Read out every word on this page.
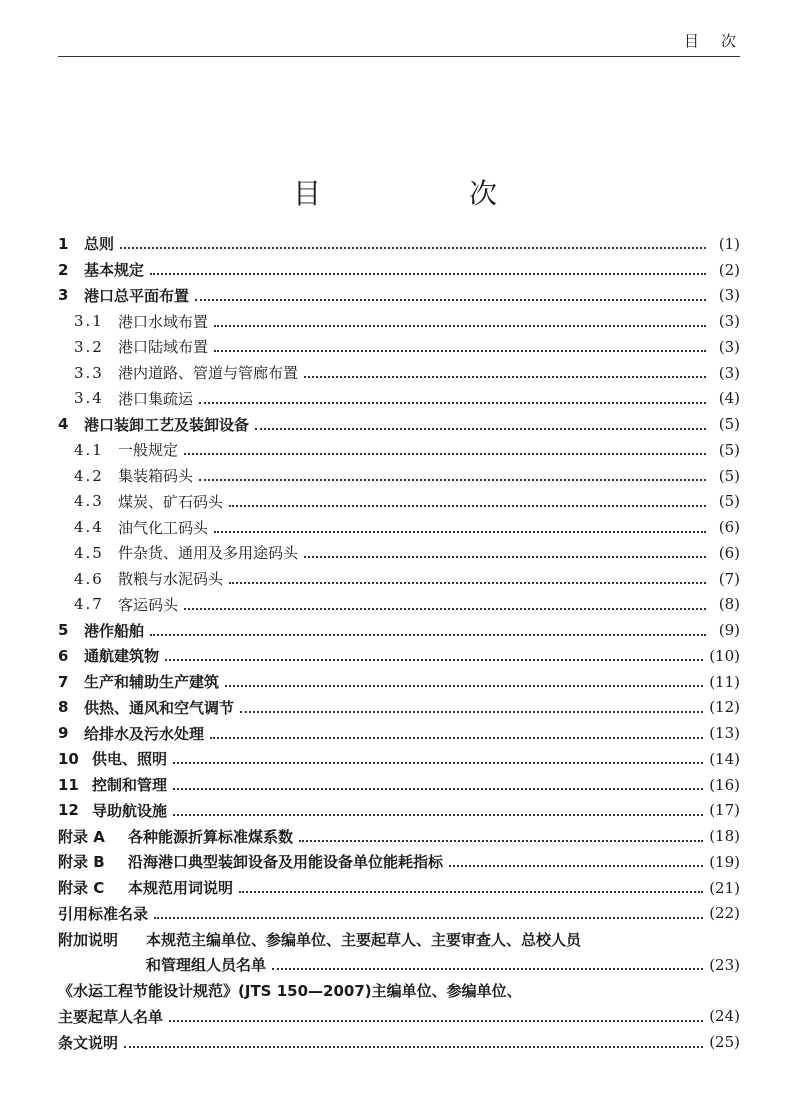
目次
目　次
1	总则	(1)
2	基本规定	(2)
3	港口总平面布置	(3)
3.1 港口水域布置	(3)
3.2 港口陆域布置	(3)
3.3 港内道路、管道与管廊布置	(3)
3.4 港口集疏运	(4)
4	港口装卸工艺及装卸设备	(5)
4.1 一般规定	(5)
4.2 集装箱码头	(5)
4.3 煤炭、矿石码头	(5)
4.4 油气化工码头	(6)
4.5 件杂货、通用及多用途码头	(6)
4.6 散粮与水泥码头	(7)
4.7 客运码头	(8)
5	港作船舶	(9)
6	通航建筑物	(10)
7	生产和辅助生产建筑	(11)
8	供热、通风和空气调节	(12)
9	给排水及污水处理	(13)
10 供电、照明	(14)
11 控制和管理	(16)
12 导助航设施	(17)
附录 A	各种能源折算标准煤系数	(18)
附录 B	沿海港口典型装卸设备及用能设备单位能耗指标	(19)
附录 C	本规范用词说明	(21)
引用标准名录	(22)
附加说明	本规范主编单位、参编单位、主要起草人、主要审查人、总校人员
和管理组人员名单	(23)
《水运工程节能设计规范》(JTS 150—2007)主编单位、参编单位、
主要起草人名单	(24)
条文说明	(25)
